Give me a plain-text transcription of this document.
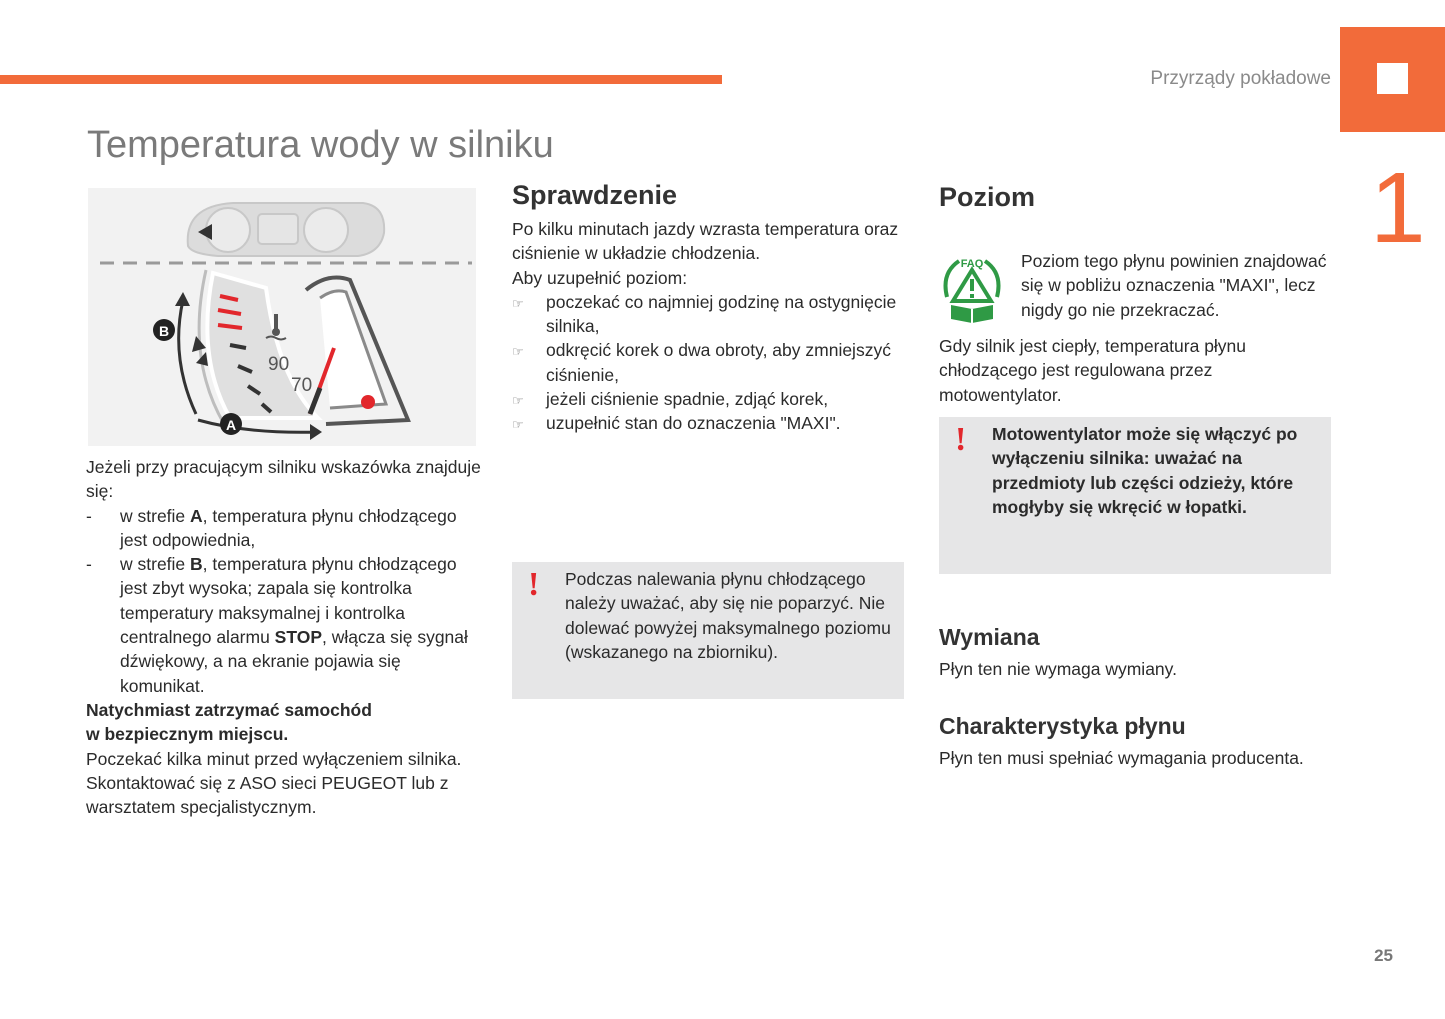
Przyrządy pokładowe
1
Temperatura wody w silniku
90
70
B
A

Jeżeli przy pracującym silniku wskazówka znajduje się:

- w strefie A, temperatura płynu chłodzącego jest odpowiednia,
- w strefie B, temperatura płynu chłodzącego jest zbyt wysoka; zapala się kontrolka temperatury maksymalnej i kontrolka centralnego alarmu STOP, włącza się sygnał dźwiękowy, a na ekranie pojawia się komunikat.

Natychmiast zatrzymać samochód

w bezpiecznym miejscu.

Poczekać kilka minut przed wyłączeniem silnika.

Skontaktować się z ASO sieci PEUGEOT lub z warsztatem specjalistycznym.

Sprawdzenie

Po kilku minutach jazdy wzrasta temperatura oraz ciśnienie w układzie chłodzenia.

Aby uzupełnić poziom:

☞ poczekać co najmniej godzinę na ostygnięcie silnika,
☞ odkręcić korek o dwa obroty, aby zmniejszyć ciśnienie,
☞ jeżeli ciśnienie spadnie, zdjąć korek,
☞ uzupełnić stan do oznaczenia "MAXI".
! Podczas nalewania płynu chłodzącego należy uważać, aby się nie poparzyć. Nie dolewać powyżej maksymalnego poziomu (wskazanego na zbiorniku).
Poziom
FAQ Poziom tego płynu powinien znajdować się w pobliżu oznaczenia "MAXI", lecz nigdy go nie przekraczać.
Gdy silnik jest ciepły, temperatura płynu chłodzącego jest regulowana przez motowentylator.
! Motowentylator może się włączyć po wyłączeniu silnika: uważać na przedmioty lub części odzieży, które mogłyby się wkręcić w łopatki.
Wymiana
Płyn ten nie wymaga wymiany.
Charakterystyka płynu
Płyn ten musi spełniać wymagania producenta.
25
